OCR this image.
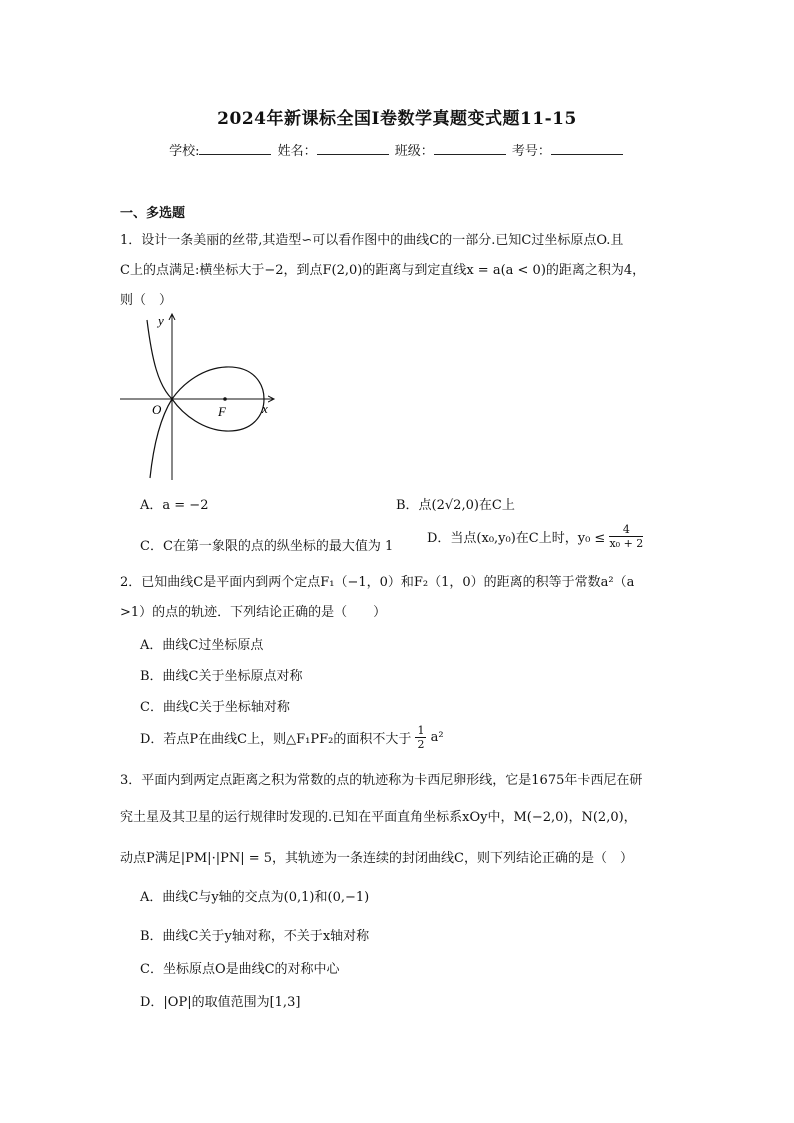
2024年新课标全国Ⅰ卷数学真题变式题11-15
学校:	姓名：	班级：	考号：
一、多选题
1．设计一条美丽的丝带,其造型∽可以看作图中的曲线C的一部分.已知C过坐标原点O.且
C上的点满足:横坐标大于−2，到点F(2,0)的距离与到定直线x = a(a < 0)的距离之积为4，
则（　）
y
x
O	F
A．a = −2	B．点(2√2,0)在C上
C．C在第一象限的点的纵坐标的最大值为 1
D．当点(x₀,y₀)在C上时，$y_0 \le \frac{4}{\text{x₀ + 2}}$
2．已知曲线C是平面内到两个定点F₁（−1，0）和F₂（1，0）的距离的积等于常数a²（a
>1）的点的轨迹．下列结论正确的是（　　）
A．曲线C过坐标原点
B．曲线C关于坐标原点对称
C．曲线C关于坐标轴对称
D．若点P在曲线C上，则△F₁PF₂的面积不大于 $\frac{1}{2} a^2$
3．平面内到两定点距离之积为常数的点的轨迹称为卡西尼卵形线，它是1675年卡西尼在研
究土星及其卫星的运行规律时发现的.已知在平面直角坐标系xOy中，M(−2,0)，N(2,0)，
动点P满足|PM|·|PN| = 5，其轨迹为一条连续的封闭曲线C，则下列结论正确的是（　）
A．曲线C与y轴的交点为(0,1)和(0,−1)
B．曲线C关于y轴对称，不关于x轴对称
C．坐标原点O是曲线C的对称中心
D．|OP|的取值范围为[1,3]
